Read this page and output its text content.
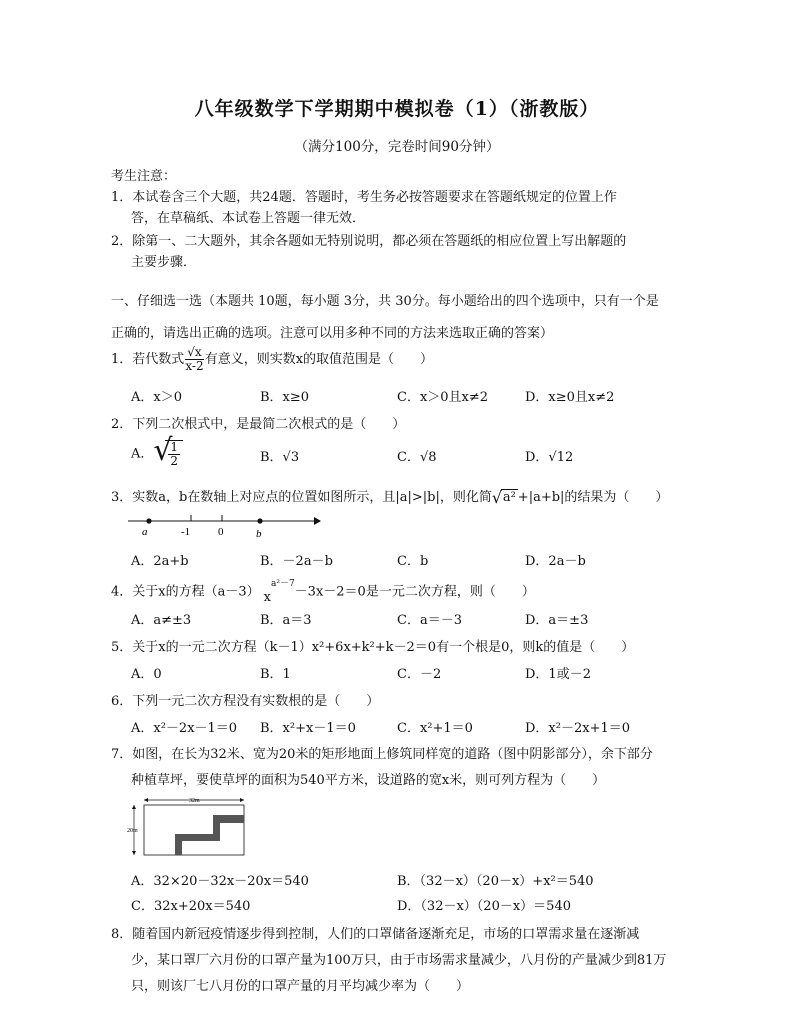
八年级数学下学期期中模拟卷（1）（浙教版）
（满分100分，完卷时间90分钟）
考生注意：
1．本试卷含三个大题，共24题．答题时，考生务必按答题要求在答题纸规定的位置上作
答，在草稿纸、本试卷上答题一律无效．
2．除第一、二大题外，其余各题如无特别说明，都必须在答题纸的相应位置上写出解题的
主要步骤．
一、仔细选一选（本题共 10题，每小题 3分，共 30分。每小题给出的四个选项中，只有一个是
正确的，请选出正确的选项。注意可以用多种不同的方法来选取正确的答案）
1．若代数式 $\frac{√x}{x-2}$ 有意义，则实数x的取值范围是（　　）
A．x＞0	B．x≥0	C．x＞0且x≠2	D．x≥0且x≠2
2．下列二次根式中，是最简二次根式的是（　　）
A． √
$\frac{1}{2}$	B．√3	C．√8	D．√12
3．实数a，b在数轴上对应点的位置如图所示，且|a|>|b|，则化简 √ a² +|a+b|的结果为（　　）
a	-1	0	b
A．2a+b	B．－2a－b	C．b	D．2a－b
4．关于x的方程（a－3） $x^{a^2-7}-3x-2=0$是一元二次方程，则（　　）
A．a≠±3	B．a＝3	C．a＝－3	D．a＝±3
5．关于x的一元二次方程（k－1）x²+6x+k²+k－2＝0有一个根是0，则k的值是（　　）
A．0	B．1	C．－2	D．1或－2
6．下列一元二次方程没有实数根的是（　　）
A．x²－2x－1＝0 B．x²+x－1＝0	C．x²+1＝0	D．x²－2x+1＝0
7．如图，在长为32米、宽为20米的矩形地面上修筑同样宽的道路（图中阴影部分），余下部分
种植草坪，要使草坪的面积为540平方米，设道路的宽x米，则可列方程为（　　）
32m
20m
A．32×20－32x－20x＝540	B．（32－x）（20－x）+x²＝540
C．32x+20x＝540	D．（32－x）（20－x）＝540
8．随着国内新冠疫情逐步得到控制，人们的口罩储备逐渐充足，市场的口罩需求量在逐渐减
少，某口罩厂六月份的口罩产量为100万只，由于市场需求量减少，八月份的产量减少到81万
只，则该厂七八月份的口罩产量的月平均减少率为（　　）
